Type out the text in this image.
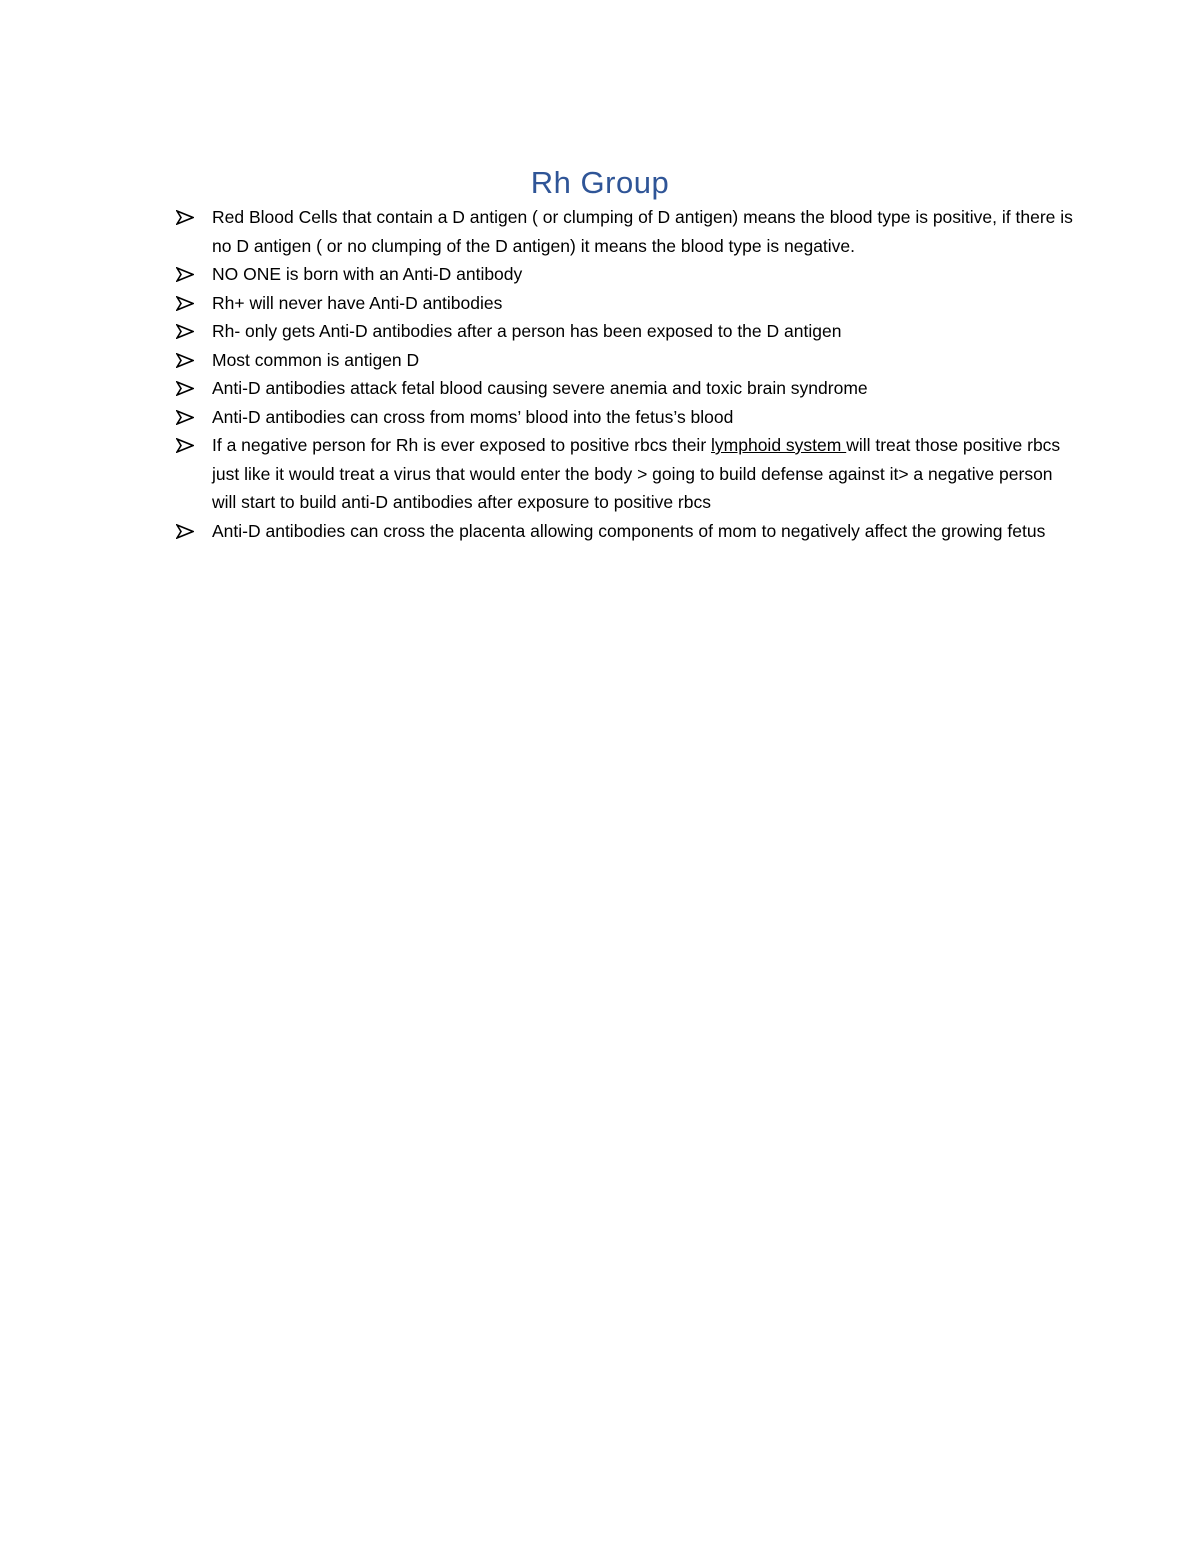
Rh Group
Red Blood Cells that contain a D antigen ( or clumping of D antigen) means the blood type is positive, if there is no D antigen ( or no clumping of the D antigen) it means the blood type is negative.
NO ONE is born with an Anti-D antibody
Rh+ will never have Anti-D antibodies
Rh- only gets Anti-D antibodies after a person has been exposed to the D antigen
Most common is antigen D
Anti-D antibodies attack fetal blood causing severe anemia and toxic brain syndrome
Anti-D antibodies can cross from moms’ blood into the fetus’s blood
If a negative person for Rh is ever exposed to positive rbcs their lymphoid system will treat those positive rbcs just like it would treat a virus that would enter the body > going to build defense against it> a negative person will start to build anti-D antibodies after exposure to positive rbcs
Anti-D antibodies can cross the placenta allowing components of mom to negatively affect the growing fetus
